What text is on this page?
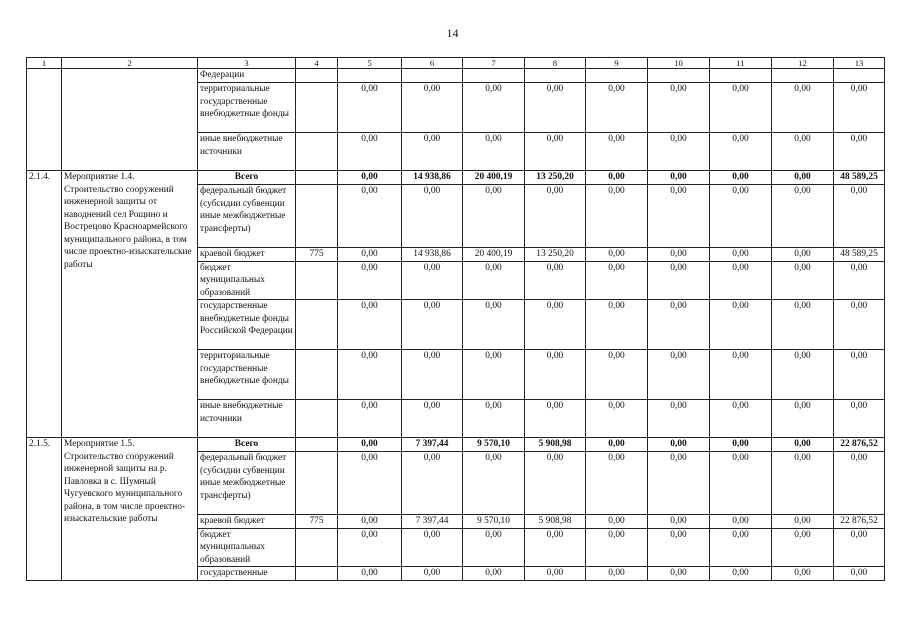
14
1	2	3	4	5	6	7	8	9	10	11	12	13
		Федерации										
		территориальные государственные внебюджетные фонды		0,00	0,00	0,00	0,00	0,00	0,00	0,00	0,00	0,00
		иные внебюджетные источники		0,00	0,00	0,00	0,00	0,00	0,00	0,00	0,00	0,00
2.1.4.	Мероприятие 1.4. Строительство сооружений инженерной защиты от наводнений сел Рощино и Вострецово Красноармейского муниципального района, в том числе проектно-изыскательские работы	Всего		0,00	14 938,86	20 400,19	13 250,20	0,00	0,00	0,00	0,00	48 589,25
		федеральный бюджет (субсидии субвенции иные межбюджетные трансферты)		0,00	0,00	0,00	0,00	0,00	0,00	0,00	0,00	0,00
		краевой бюджет	775	0,00	14 938,86	20 400,19	13 250,20	0,00	0,00	0,00	0,00	48 589,25
		бюджет муниципальных образований		0,00	0,00	0,00	0,00	0,00	0,00	0,00	0,00	0,00
		государственные внебюджетные фонды Российской Федерации		0,00	0,00	0,00	0,00	0,00	0,00	0,00	0,00	0,00
		территориальные государственные внебюджетные фонды		0,00	0,00	0,00	0,00	0,00	0,00	0,00	0,00	0,00
		иные внебюджетные источники		0,00	0,00	0,00	0,00	0,00	0,00	0,00	0,00	0,00
2.1.5.	Мероприятие 1.5. Строительство сооружений инженерной защиты на р. Павловка в с. Шумный Чугуевского муниципального района, в том числе проектно-изыскательские работы	Всего		0,00	7 397,44	9 570,10	5 908,98	0,00	0,00	0,00	0,00	22 876,52
		федеральный бюджет (субсидии субвенции иные межбюджетные трансферты)		0,00	0,00	0,00	0,00	0,00	0,00	0,00	0,00	0,00
		краевой бюджет	775	0,00	7 397,44	9 570,10	5 908,98	0,00	0,00	0,00	0,00	22 876,52
		бюджет муниципальных образований		0,00	0,00	0,00	0,00	0,00	0,00	0,00	0,00	0,00
		государственные		0,00	0,00	0,00	0,00	0,00	0,00	0,00	0,00	0,00
